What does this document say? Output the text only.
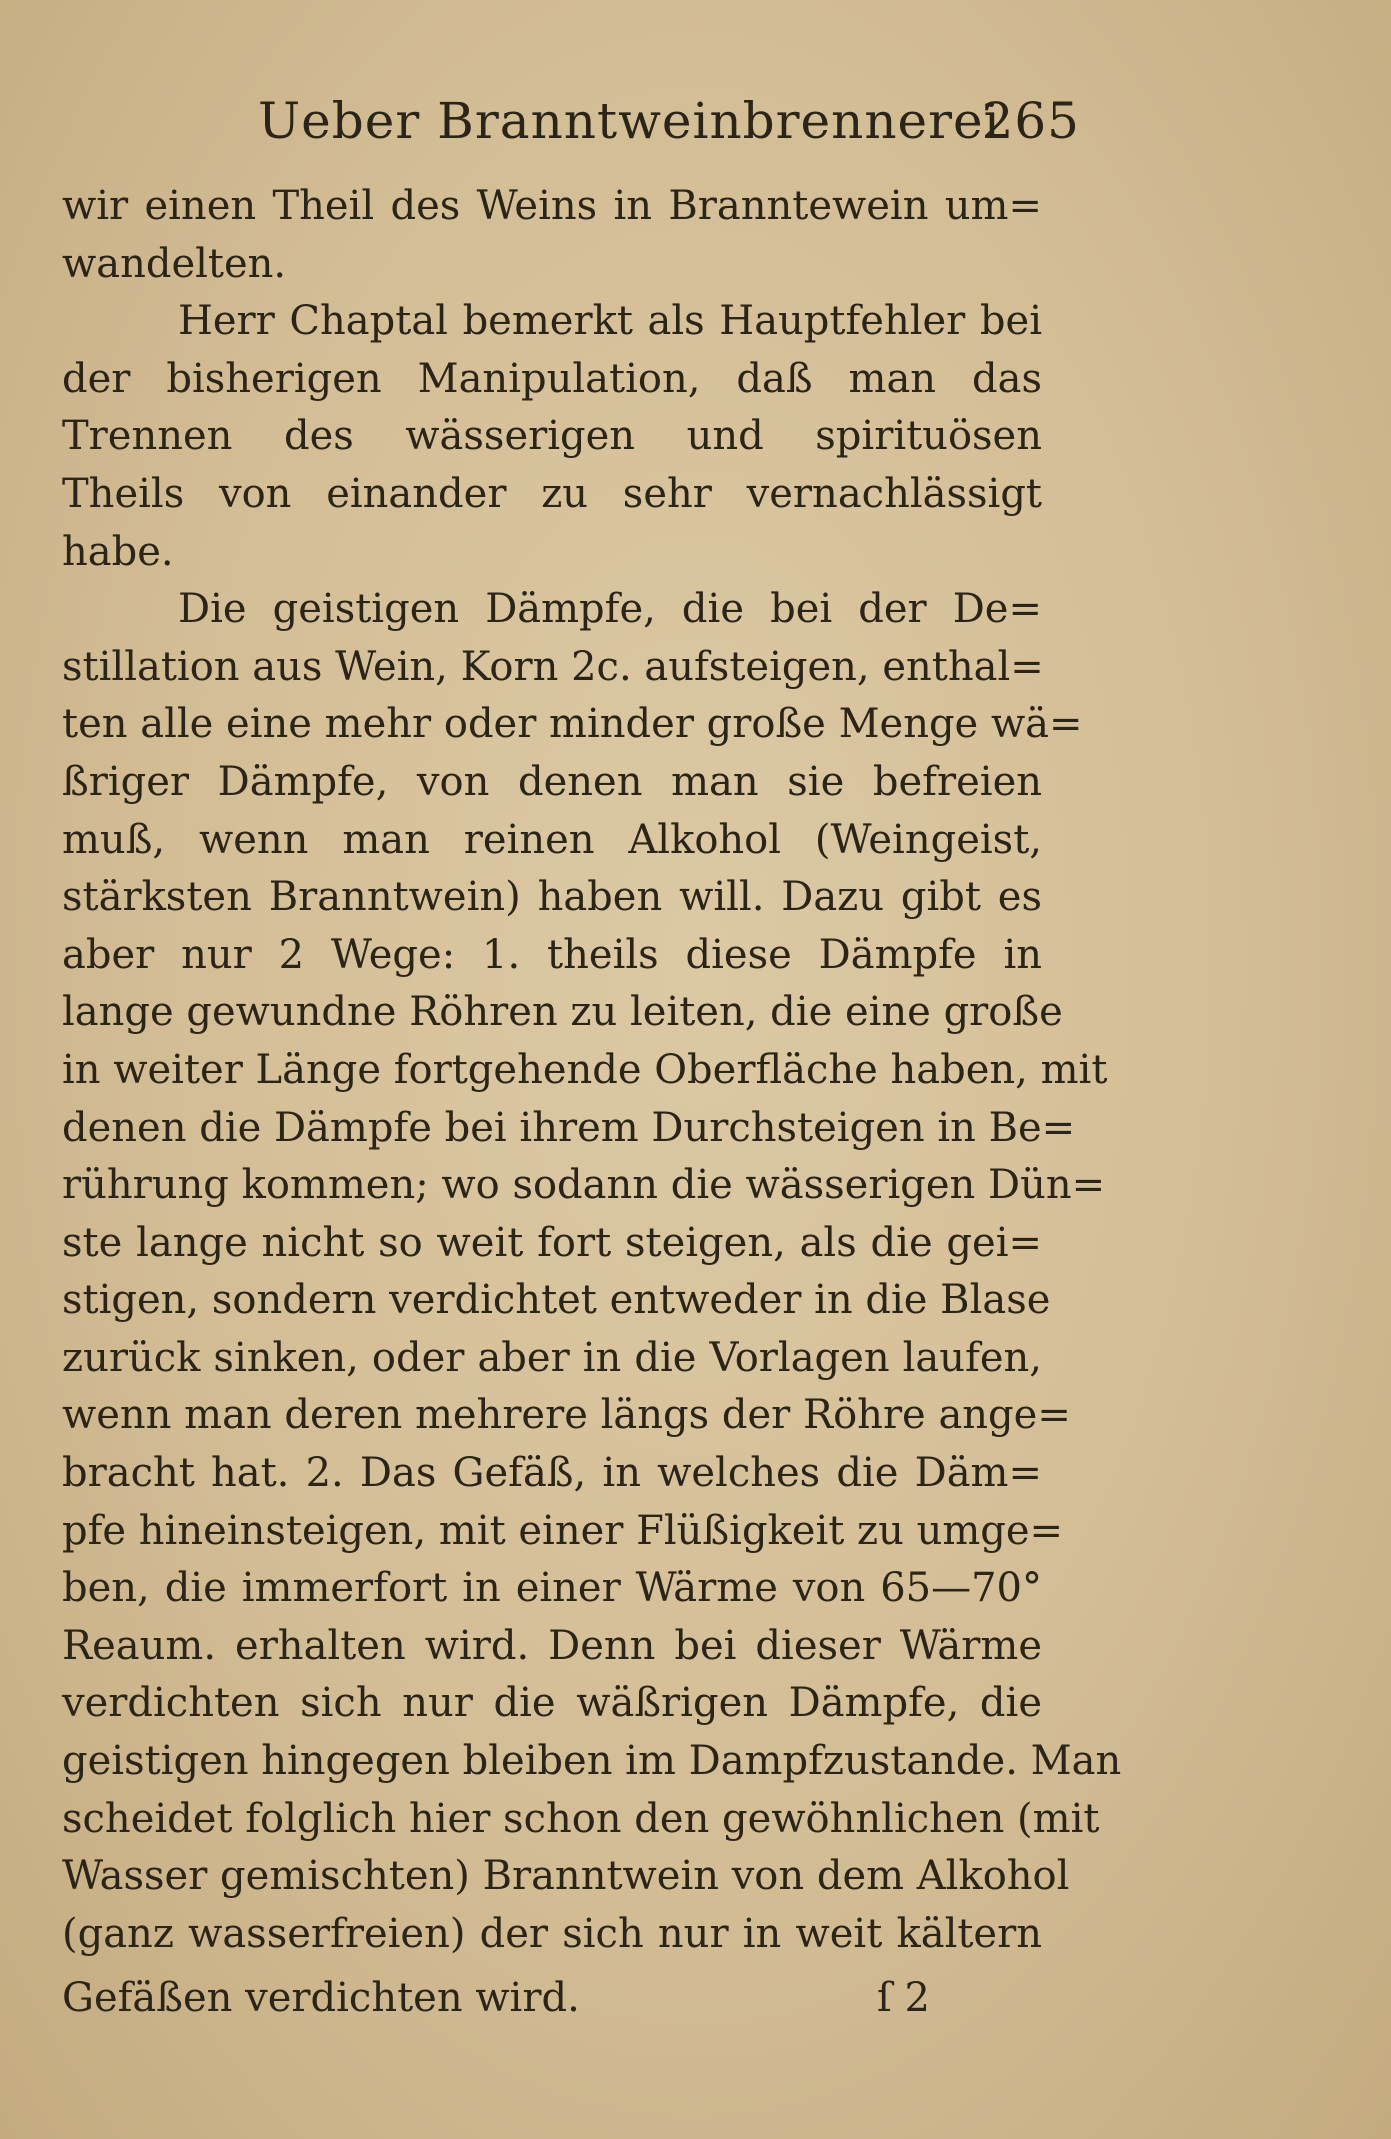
Ueber Branntweinbrennerei
265
wir einen Theil des Weins in Branntewein um=
wandelten.
Herr Chaptal bemerkt als Hauptfehler bei
der bisherigen Manipulation, daß man das
Trennen des wässerigen und spirituösen
Theils von einander zu sehr vernachlässigt
habe.
Die geistigen Dämpfe, die bei der De=
stillation aus Wein, Korn 2c. aufsteigen, enthal=
ten alle eine mehr oder minder große Menge wä=
ßriger Dämpfe, von denen man sie befreien
muß, wenn man reinen Alkohol (Weingeist,
stärksten Branntwein) haben will. Dazu gibt es
aber nur 2 Wege: 1. theils diese Dämpfe in
lange gewundne Röhren zu leiten, die eine große
in weiter Länge fortgehende Oberfläche haben, mit
denen die Dämpfe bei ihrem Durchsteigen in Be=
rührung kommen; wo sodann die wässerigen Dün=
ste lange nicht so weit fort steigen, als die gei=
stigen, sondern verdichtet entweder in die Blase
zurück sinken, oder aber in die Vorlagen laufen,
wenn man deren mehrere längs der Röhre ange=
bracht hat. 2. Das Gefäß, in welches die Däm=
pfe hineinsteigen, mit einer Flüßigkeit zu umge=
ben, die immerfort in einer Wärme von 65—70°
Reaum. erhalten wird. Denn bei dieser Wärme
verdichten sich nur die wäßrigen Dämpfe, die
geistigen hingegen bleiben im Dampfzustande. Man
scheidet folglich hier schon den gewöhnlichen (mit
Wasser gemischten) Branntwein von dem Alkohol
(ganz wasserfreien) der sich nur in weit kältern
Gefäßen verdichten wird.	ſ 2
